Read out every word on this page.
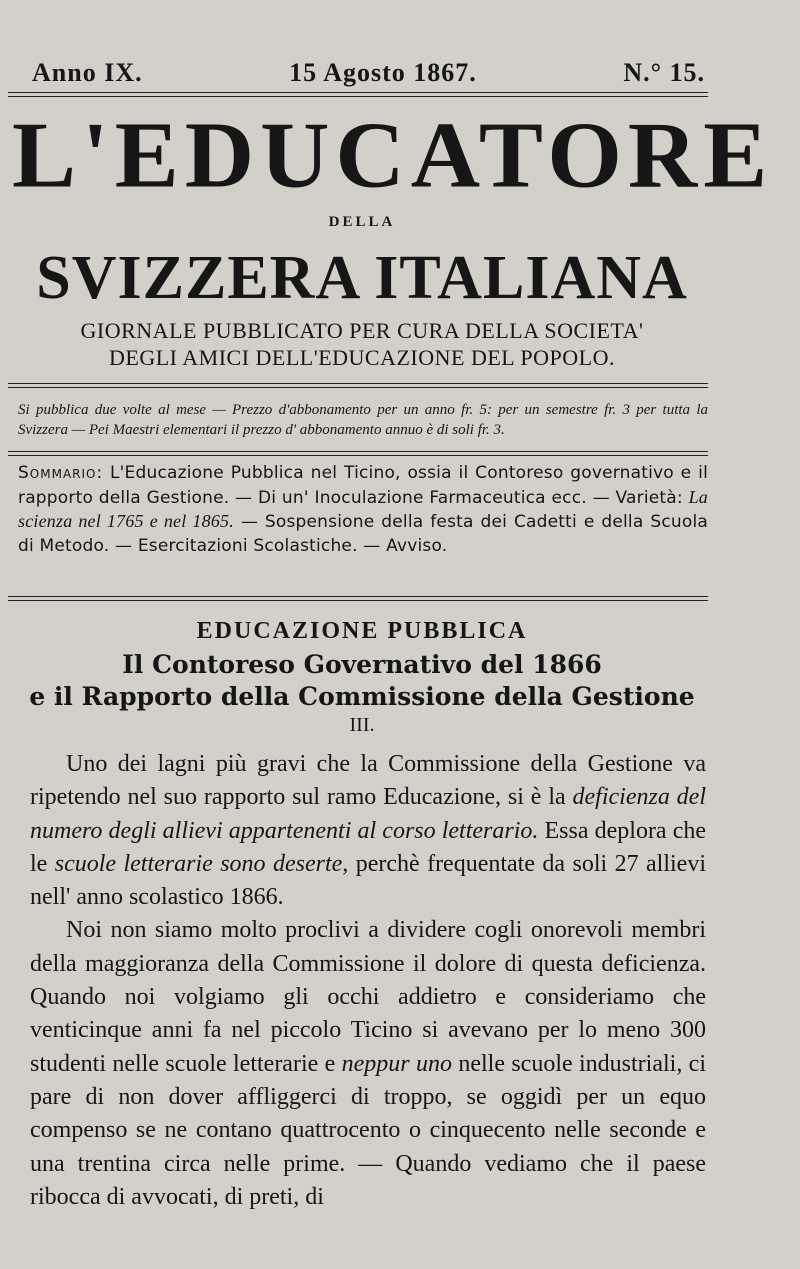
Anno IX.	15 Agosto 1867.	N.° 15.
L'EDUCATORE
DELLA
SVIZZERA ITALIANA
GIORNALE PUBBLICATO PER CURA DELLA SOCIETA'
DEGLI AMICI DELL'EDUCAZIONE DEL POPOLO.
Si pubblica due volte al mese — Prezzo d'abbonamento per un anno fr. 5: per un semestre fr. 3 per tutta la Svizzera — Pei Maestri elementari il prezzo d' abbonamento annuo è di soli fr. 3.
Sommario: L'Educazione Pubblica nel Ticino, ossia il Contoreso governativo e il rapporto della Gestione. — Di un' Inoculazione Farmaceutica ecc. — Varietà: La scienza nel 1765 e nel 1865. — Sospensione della festa dei Cadetti e della Scuola di Metodo. — Esercitazioni Scolastiche. — Avviso.
EDUCAZIONE PUBBLICA
Il Contoreso Governativo del 1866
e il Rapporto della Commissione della Gestione
III.

Uno dei lagni più gravi che la Commissione della Gestione va ripetendo nel suo rapporto sul ramo Educazione, si è la deficienza del numero degli allievi appartenenti al corso letterario. Essa deplora che le scuole letterarie sono deserte, perchè frequentate da soli 27 allievi nell' anno scolastico 1866.

Noi non siamo molto proclivi a dividere cogli onorevoli membri della maggioranza della Commissione il dolore di questa deficienza. Quando noi volgiamo gli occhi addietro e consideriamo che venticinque anni fa nel piccolo Ticino si avevano per lo meno 300 studenti nelle scuole letterarie e neppur uno nelle scuole industriali, ci pare di non dover affliggerci di troppo, se oggidì per un equo compenso se ne contano quattrocento o cinquecento nelle seconde e una trentina circa nelle prime. — Quando vediamo che il paese ribocca di avvocati, di preti, di
